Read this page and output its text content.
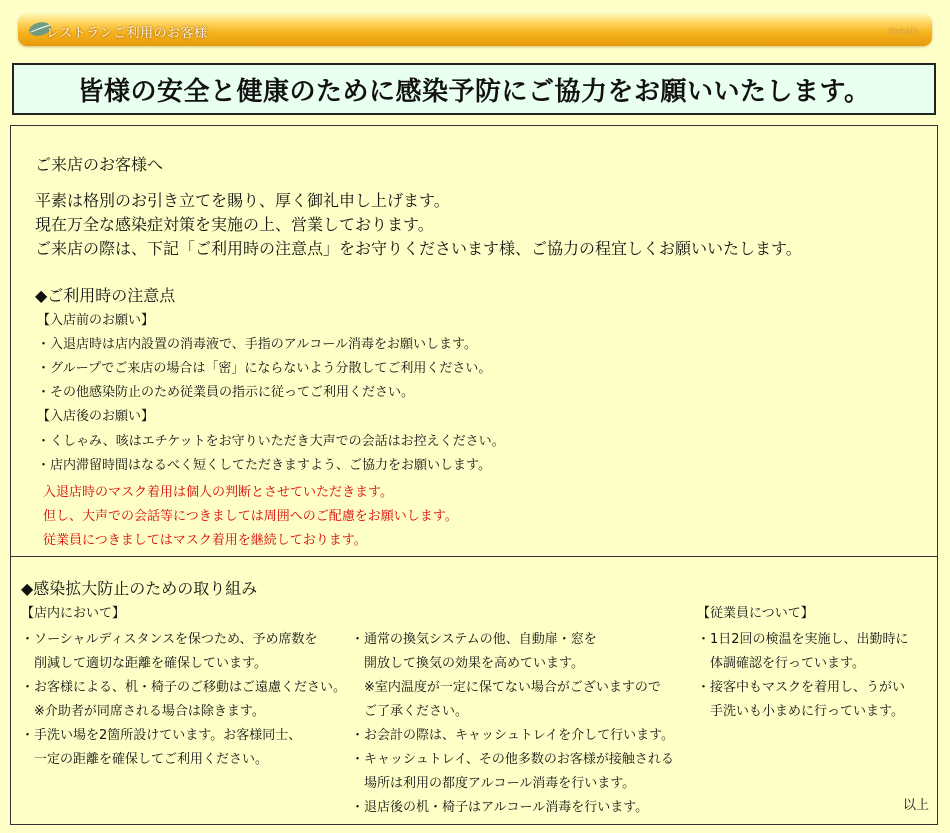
レストランご利用のお客様	meals
皆様の安全と健康のために感染予防にご協力をお願いいたします。
ご来店のお客様へ
平素は格別のお引き立てを賜り、厚く御礼申し上げます。
現在万全な感染症対策を実施の上、営業しております。
ご来店の際は、下記「ご利用時の注意点」をお守りくださいます様、ご協力の程宜しくお願いいたします。
◆ご利用時の注意点
【入店前のお願い】
・入退店時は店内設置の消毒液で、手指のアルコール消毒をお願いします。
・グループでご来店の場合は「密」にならないよう分散してご利用ください。
・その他感染防止のため従業員の指示に従ってご利用ください。
【入店後のお願い】
・くしゃみ、咳はエチケットをお守りいただき大声での会話はお控えください。
・店内滞留時間はなるべく短くしてただきますよう、ご協力をお願いします。
入退店時のマスク着用は個人の判断とさせていただきます。
但し、大声での会話等につきましては周囲へのご配慮をお願いします。
従業員につきましてはマスク着用を継続しております。
◆感染拡大防止のための取り組み
【店内において】
・ソーシャルディスタンスを保つため、予め席数を
　削減して適切な距離を確保しています。
・お客様による、机・椅子のご移動はご遠慮ください。
　※介助者が同席される場合は除きます。
・手洗い場を2箇所設けています。お客様同士、
　一定の距離を確保してご利用ください。
・通常の換気システムの他、自動扉・窓を
　開放して換気の効果を高めています。
　※室内温度が一定に保てない場合がございますので
　ご了承ください。
・お会計の際は、キャッシュトレイを介して行います。
・キャッシュトレイ、その他多数のお客様が接触される
　場所は利用の都度アルコール消毒を行います。
・退店後の机・椅子はアルコール消毒を行います。
【従業員について】
・1日2回の検温を実施し、出勤時に
　体調確認を行っています。
・接客中もマスクを着用し、うがい
　手洗いも小まめに行っています。
以上
